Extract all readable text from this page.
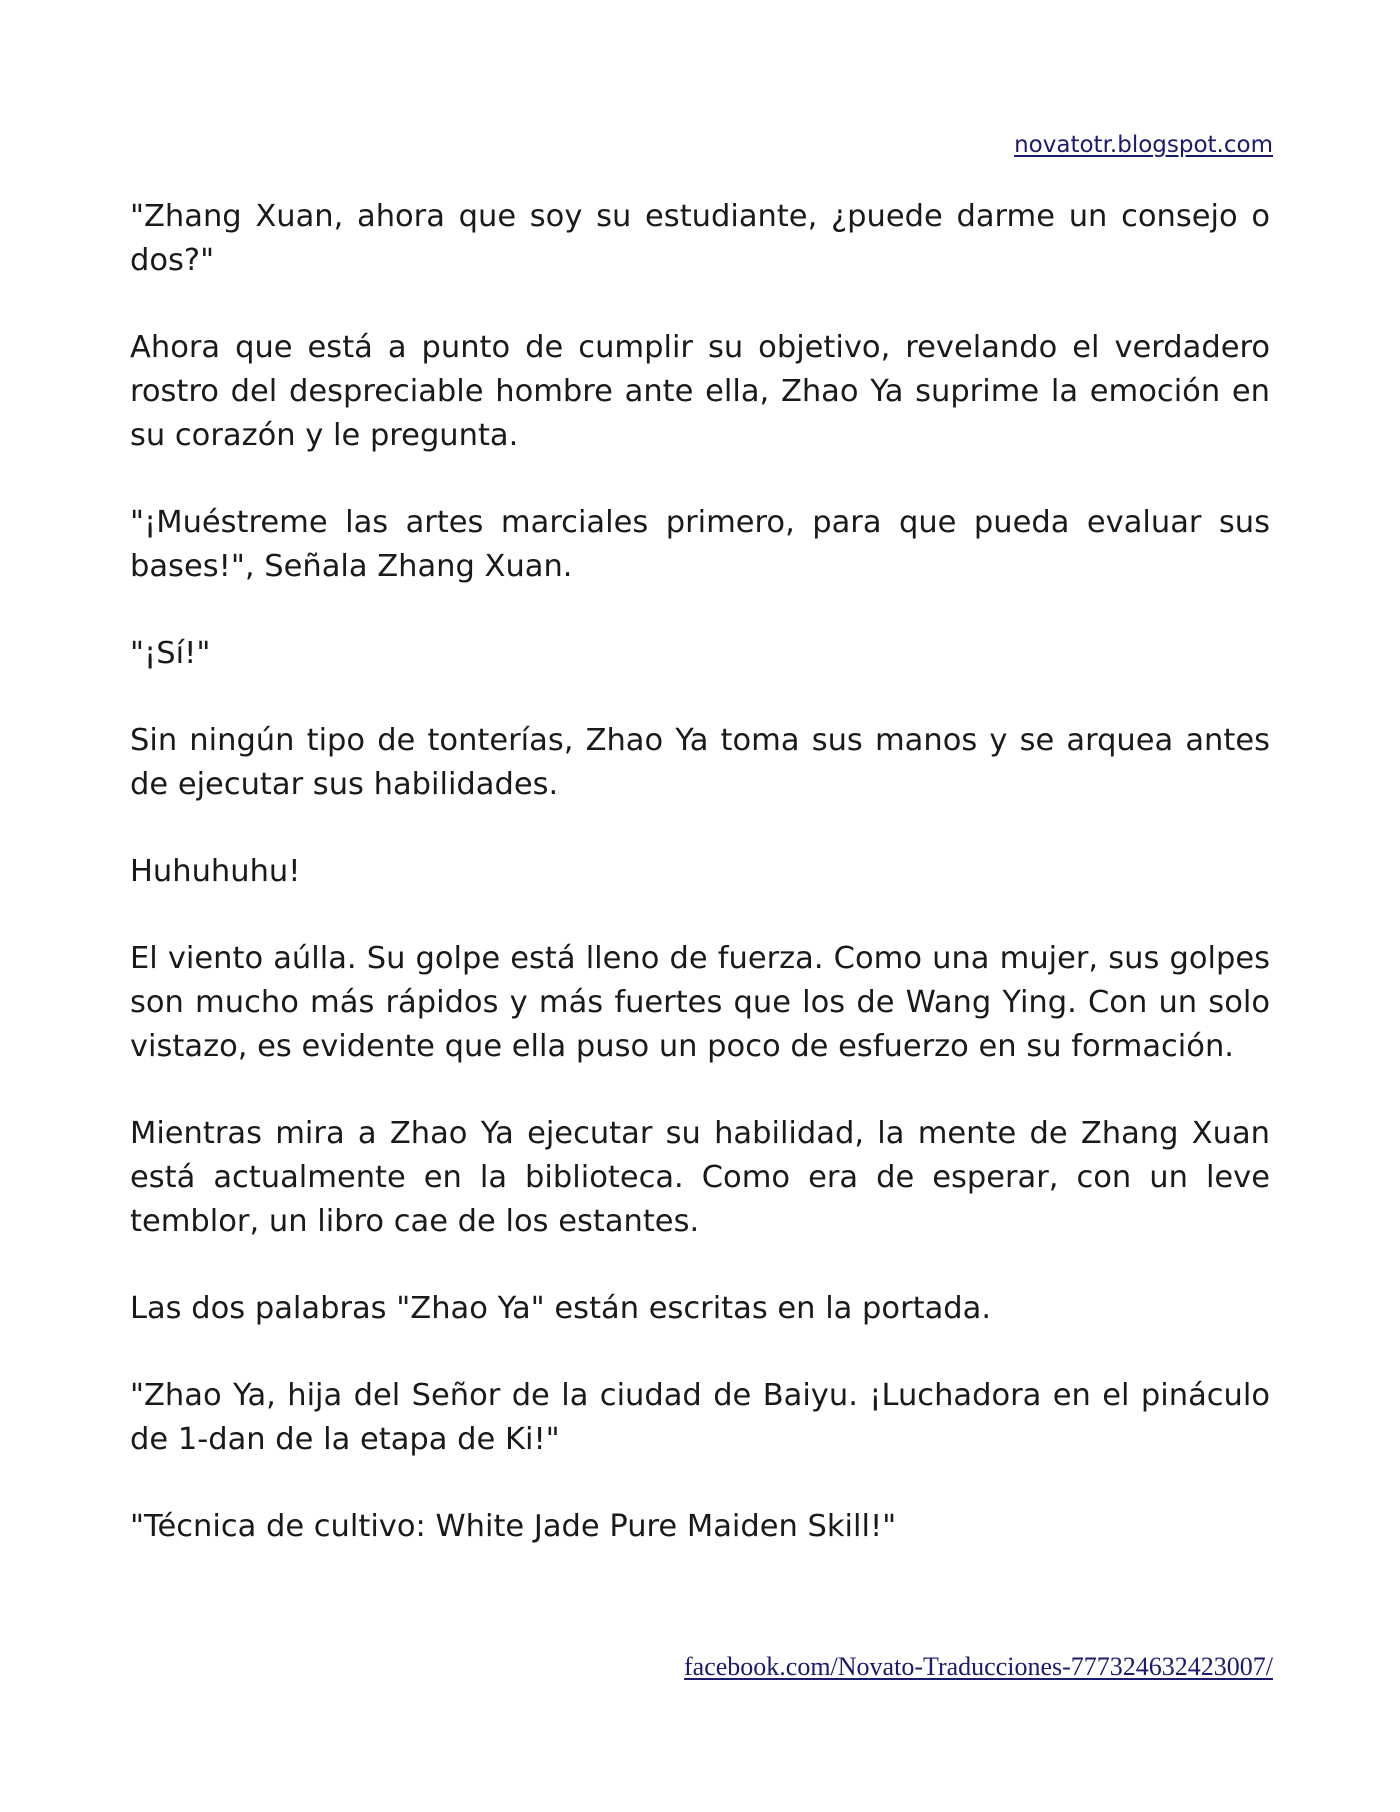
novatotr.blogspot.com

"Zhang Xuan, ahora que soy su estudiante, ¿puede darme un consejo o dos?"

Ahora que está a punto de cumplir su objetivo, revelando el verdadero rostro del despreciable hombre ante ella, Zhao Ya suprime la emoción en su corazón y le pregunta.

"¡Muéstreme las artes marciales primero, para que pueda evaluar sus bases!", Señala Zhang Xuan.

"¡Sí!"

Sin ningún tipo de tonterías, Zhao Ya toma sus manos y se arquea antes de ejecutar sus habilidades.

Huhuhuhu!

El viento aúlla. Su golpe está lleno de fuerza. Como una mujer, sus golpes son mucho más rápidos y más fuertes que los de Wang Ying. Con un solo vistazo, es evidente que ella puso un poco de esfuerzo en su formación.

Mientras mira a Zhao Ya ejecutar su habilidad, la mente de Zhang Xuan está actualmente en la biblioteca. Como era de esperar, con un leve temblor, un libro cae de los estantes.

Las dos palabras "Zhao Ya" están escritas en la portada.

"Zhao Ya, hija del Señor de la ciudad de Baiyu. ¡Luchadora en el pináculo de 1-dan de la etapa de Ki!"

"Técnica de cultivo: White Jade Pure Maiden Skill!"

facebook.com/Novato-Traducciones-777324632423007/
